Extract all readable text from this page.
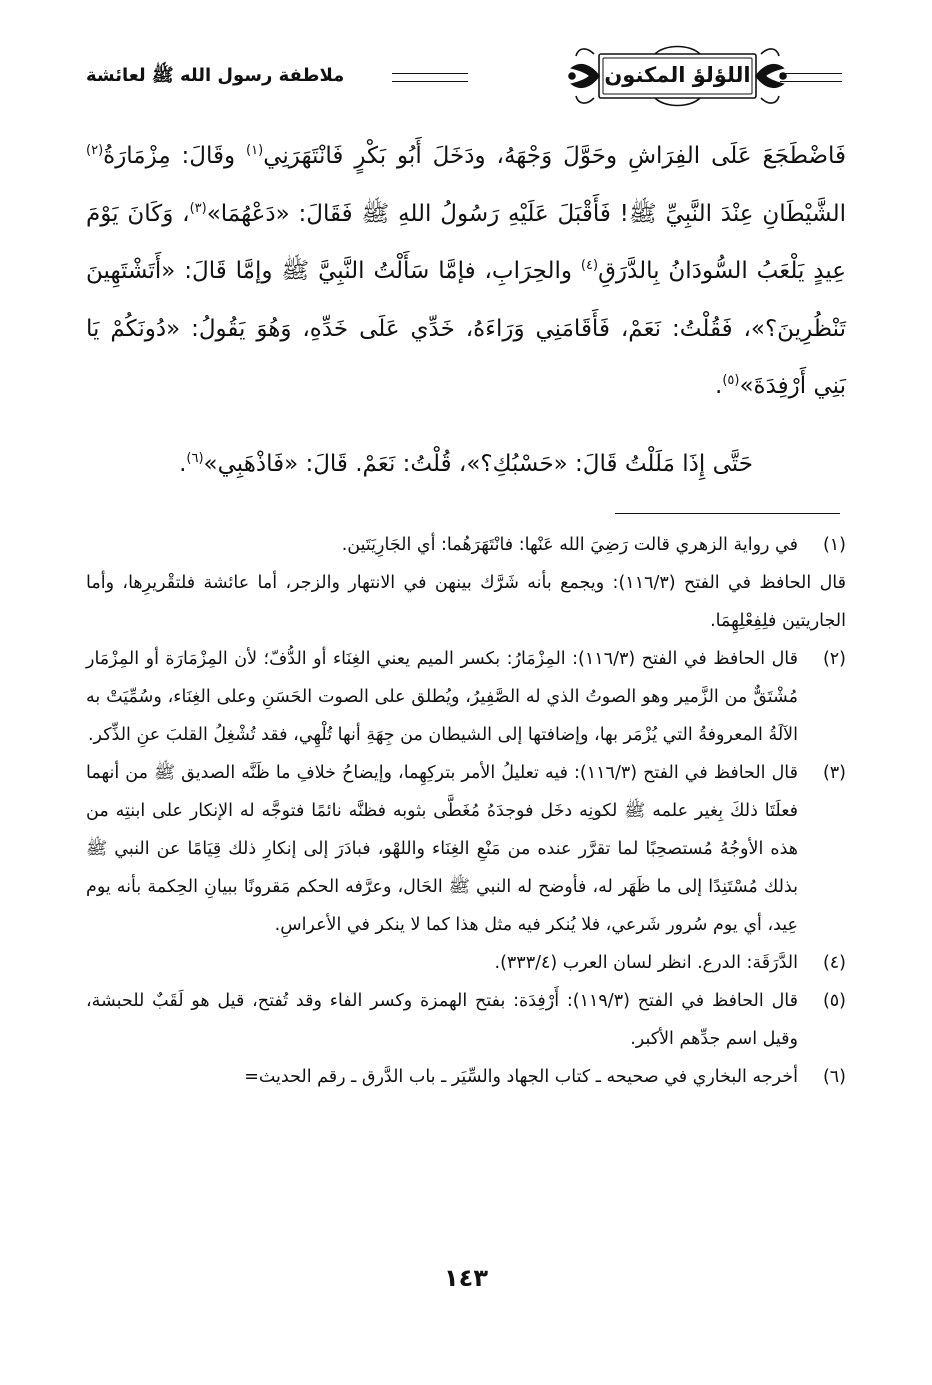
اللؤلؤ المكنون
ملاطفة رسول الله ﷺ لعائشة

فَاضْطَجَعَ عَلَى الفِرَاشِ وحَوَّلَ وَجْهَهُ، ودَخَلَ أَبُو بَكْرٍ فَانْتَهَرَنِي$^{(١)}$ وقَالَ: مِزْمَارَةُ$^{(٢)}$ الشَّيْطَانِ عِنْدَ النَّبِيِّ ﷺ! فَأَقْبَلَ عَلَيْهِ رَسُولُ اللهِ ﷺ فَقَالَ: «دَعْهُمَا»$^{(٣)}$، وَكَانَ يَوْمَ عِيدٍ يَلْعَبُ السُّودَانُ بِالدَّرَقِ$^{(٤)}$ والحِرَابِ، فإمَّا سَأَلْتُ النَّبِيَّ ﷺ وإمَّا قَالَ: «أَتَشْتَهِينَ تَنْظُرِينَ؟»، فَقُلْتُ: نَعَمْ، فَأَقَامَنِي وَرَاءَهُ، خَدِّي عَلَى خَدِّهِ، وَهُوَ يَقُولُ: «دُونَكُمْ يَا بَنِي أَرْفِدَةَ»$^{(٥)}$.

حَتَّى إِذَا مَلَلْتُ قَالَ: «حَسْبُكِ؟»، قُلْتُ: نَعَمْ. قَالَ: «فَاذْهَبِي»$^{(٦)}$.

(١)

في رواية الزهري قالت رَضِيَ الله عَنْها: فانْتَهَرَهُما: أي الجَارِيَتَين.

قال الحافظ في الفتح (١١٦/٣): ويجمع بأنه شَرَّك بينهن في الانتهار والزجر، أما عائشة فلتقْريرِها، وأما الجاريتين فلِفِعْلِهِمَا.

(٢)

قال الحافظ في الفتح (١١٦/٣): المِزْمَارُ: بكسر الميم يعني الغِنَاء أو الدُّفّ؛ لأن المِزْمَارَة أو المِزْمَار مُشْتَقٌّ من الزَّمير وهو الصوتُ الذي له الصَّفِيرُ، ويُطلق على الصوت الحَسَنِ وعلى الغِنَاء، وسُمِّيَتْ به الآلَةُ المعروفةُ التي يُزْمَر بها، وإضافتها إلى الشيطان من جِهَةِ أنها تُلْهِي، فقد تُشْغِلُ القلبَ عنِ الذِّكر.

(٣)

قال الحافظ في الفتح (١١٦/٣): فيه تعليلُ الأمر بتركِهِما، وإيضاحُ خلافِ ما ظَنَّه الصديق ﷺ من أنهما فعلَتَا ذلكَ بِغير علمه ﷺ لكونِه دخَل فوجدَهُ مُغَطَّى بثوبه فظنَّه نائمًا فتوجَّه له الإنكار على ابنتِه من هذه الأوجُهُ مُستصحِبًا لما تقرَّر عنده من مَنْعِ الغِنَاء واللهْو، فبادَرَ إلى إنكارِ ذلك قِيَامًا عن النبي ﷺ بذلك مُسْتَنِدًا إلى ما ظَهَر له، فأوضح له النبي ﷺ الحَال، وعرَّفه الحكم مَقرونًا ببيانِ الحِكمة بأنه يوم عِيد، أي يوم سُرور شَرعي، فلا يُنكر فيه مثل هذا كما لا ينكر في الأعراسِ.

(٤)

الدَّرَقَة: الدرع. انظر لسان العرب (٣٣٣/٤).

(٥)

قال الحافظ في الفتح (١١٩/٣): أَرْفِدَة: بفتح الهمزة وكسر الفاء وقد تُفتح، قيل هو لَقَبٌ للحبشة، وقيل اسم جدِّهم الأكبر.

(٦)

أخرجه البخاري في صحيحه ـ كتاب الجهاد والسِّيَر ـ باب الدَّرق ـ رقم الحديث=

١٤٣
